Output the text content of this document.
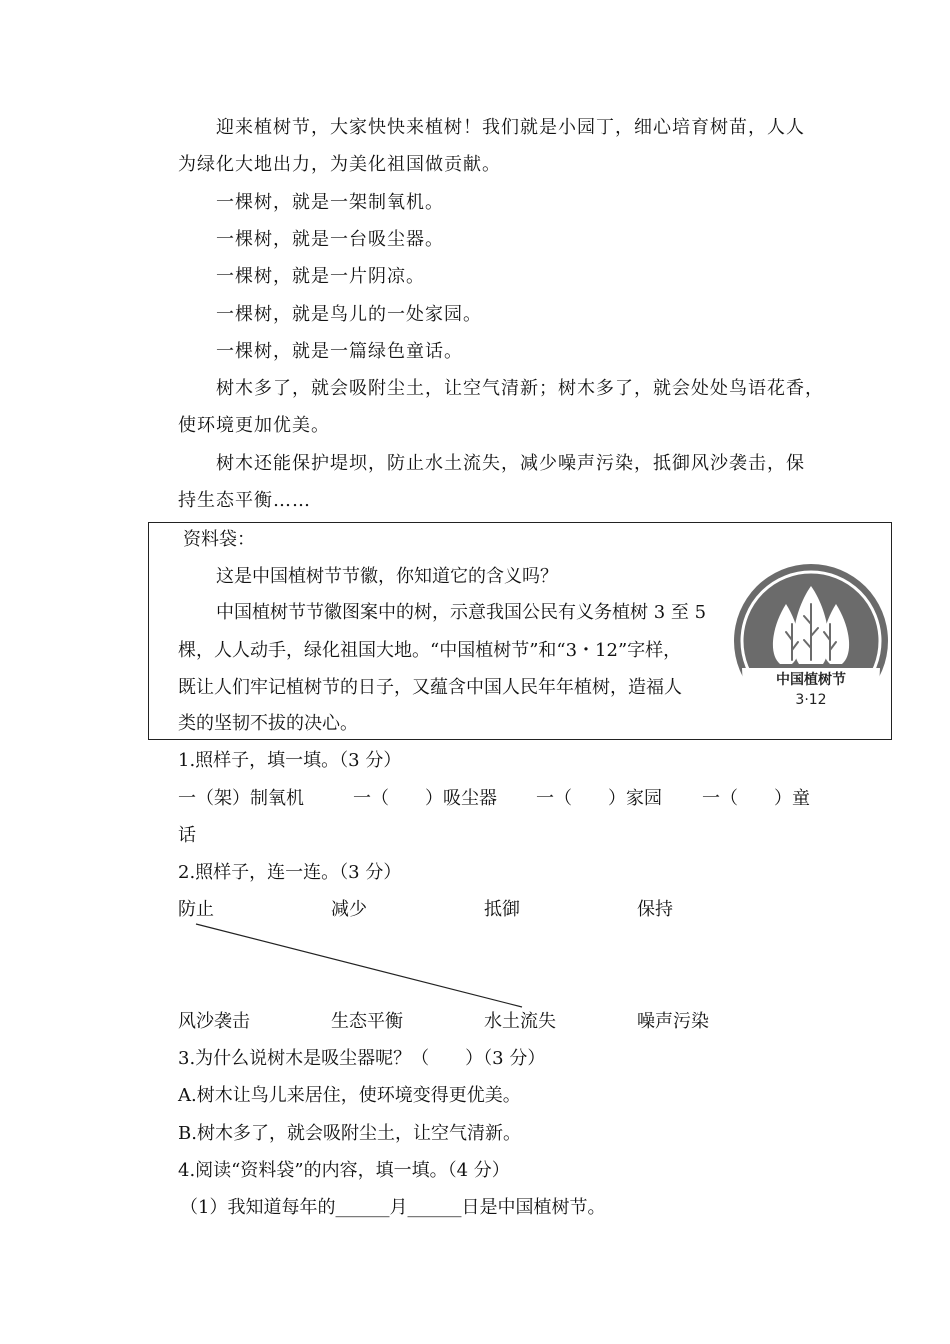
迎来植树节，大家快快来植树！我们就是小园丁，细心培育树苗，人人
为绿化大地出力，为美化祖国做贡献。
一棵树，就是一架制氧机。
一棵树，就是一台吸尘器。
一棵树，就是一片阴凉。
一棵树，就是鸟儿的一处家园。
一棵树，就是一篇绿色童话。
树木多了，就会吸附尘土，让空气清新；树木多了，就会处处鸟语花香，
使环境更加优美。
树木还能保护堤坝，防止水土流失，减少噪声污染，抵御风沙袭击，保
持生态平衡……
资料袋：
这是中国植树节节徽，你知道它的含义吗？
中国植树节节徽图案中的树，示意我国公民有义务植树 3 至 5
棵，人人动手，绿化祖国大地。“中国植树节”和“3・12”字样，
既让人们牢记植树节的日子，又蕴含中国人民年年植树，造福人
类的坚韧不拔的决心。
中国植树节
3·12
1.照样子，填一填。（3 分）
一（架）制氧机	一（　　）吸尘器 一（　　）家园 一（　　）童
话
2.照样子，连一连。（3 分）
防止	减少	抵御	保持
风沙袭击	生态平衡	水土流失	噪声污染
3.为什么说树木是吸尘器呢？（　　）（3 分）
A.树木让鸟儿来居住，使环境变得更优美。
B.树木多了，就会吸附尘土，让空气清新。
4.阅读“资料袋”的内容，填一填。（4 分）
（1）我知道每年的______月______日是中国植树节。
